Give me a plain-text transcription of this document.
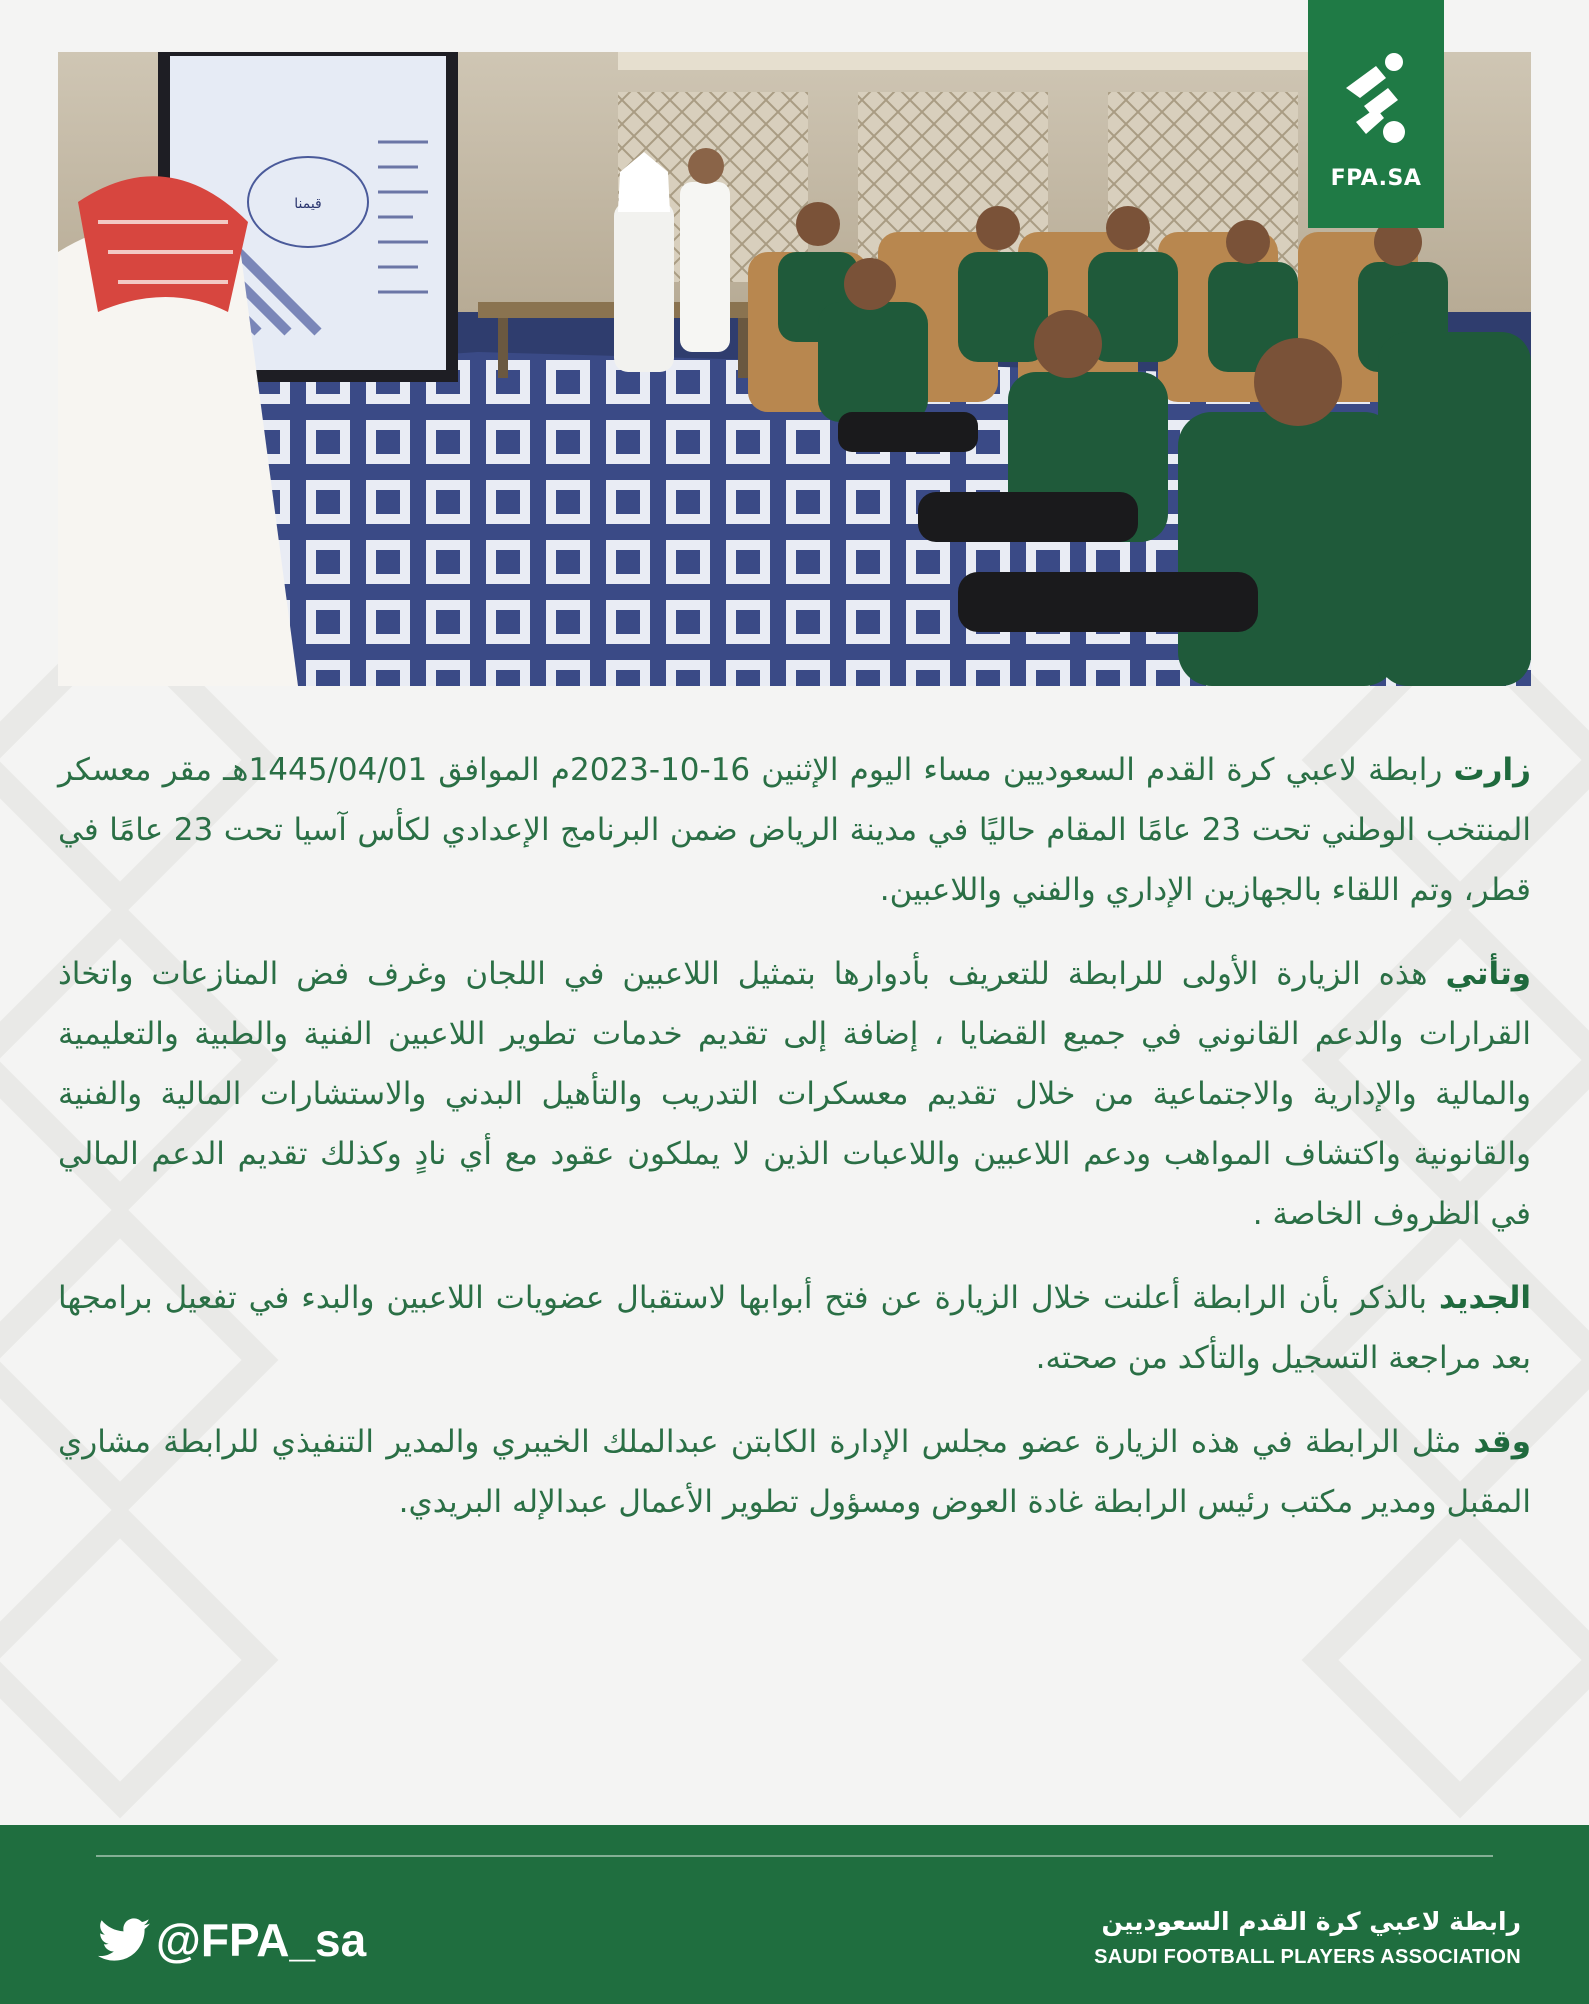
قيمنا
FPA.SA

زارت رابطة لاعبي كرة القدم السعوديين مساء اليوم الإثنين 16-10-2023م الموافق 1445/04/01هـ مقر معسكر المنتخب الوطني تحت 23 عامًا المقام حاليًا في مدينة الرياض ضمن البرنامج الإعدادي لكأس آسيا تحت 23 عامًا في قطر، وتم اللقاء بالجهازين الإداري والفني واللاعبين.

وتأتي هذه الزيارة الأولى للرابطة للتعريف بأدوارها بتمثيل اللاعبين في اللجان وغرف فض المنازعات واتخاذ القرارات والدعم القانوني في جميع القضايا ، إضافة إلى تقديم خدمات تطوير اللاعبين الفنية والطبية والتعليمية والمالية والإدارية والاجتماعية من خلال تقديم معسكرات التدريب والتأهيل البدني والاستشارات المالية والفنية والقانونية واكتشاف المواهب ودعم اللاعبين واللاعبات الذين لا يملكون عقود مع أي نادٍ وكذلك تقديم الدعم المالي في الظروف الخاصة .

الجديد بالذكر بأن الرابطة أعلنت خلال الزيارة عن فتح أبوابها لاستقبال عضويات اللاعبين والبدء في تفعيل برامجها بعد مراجعة التسجيل والتأكد من صحته.

وقد مثل الرابطة في هذه الزيارة عضو مجلس الإدارة الكابتن عبدالملك الخيبري والمدير التنفيذي للرابطة مشاري المقبل ومدير مكتب رئيس الرابطة غادة العوض ومسؤول تطوير الأعمال عبدالإله البريدي.

@FPA_sa	رابطة لاعبي كرة القدم السعوديين
SAUDI FOOTBALL PLAYERS ASSOCIATION
